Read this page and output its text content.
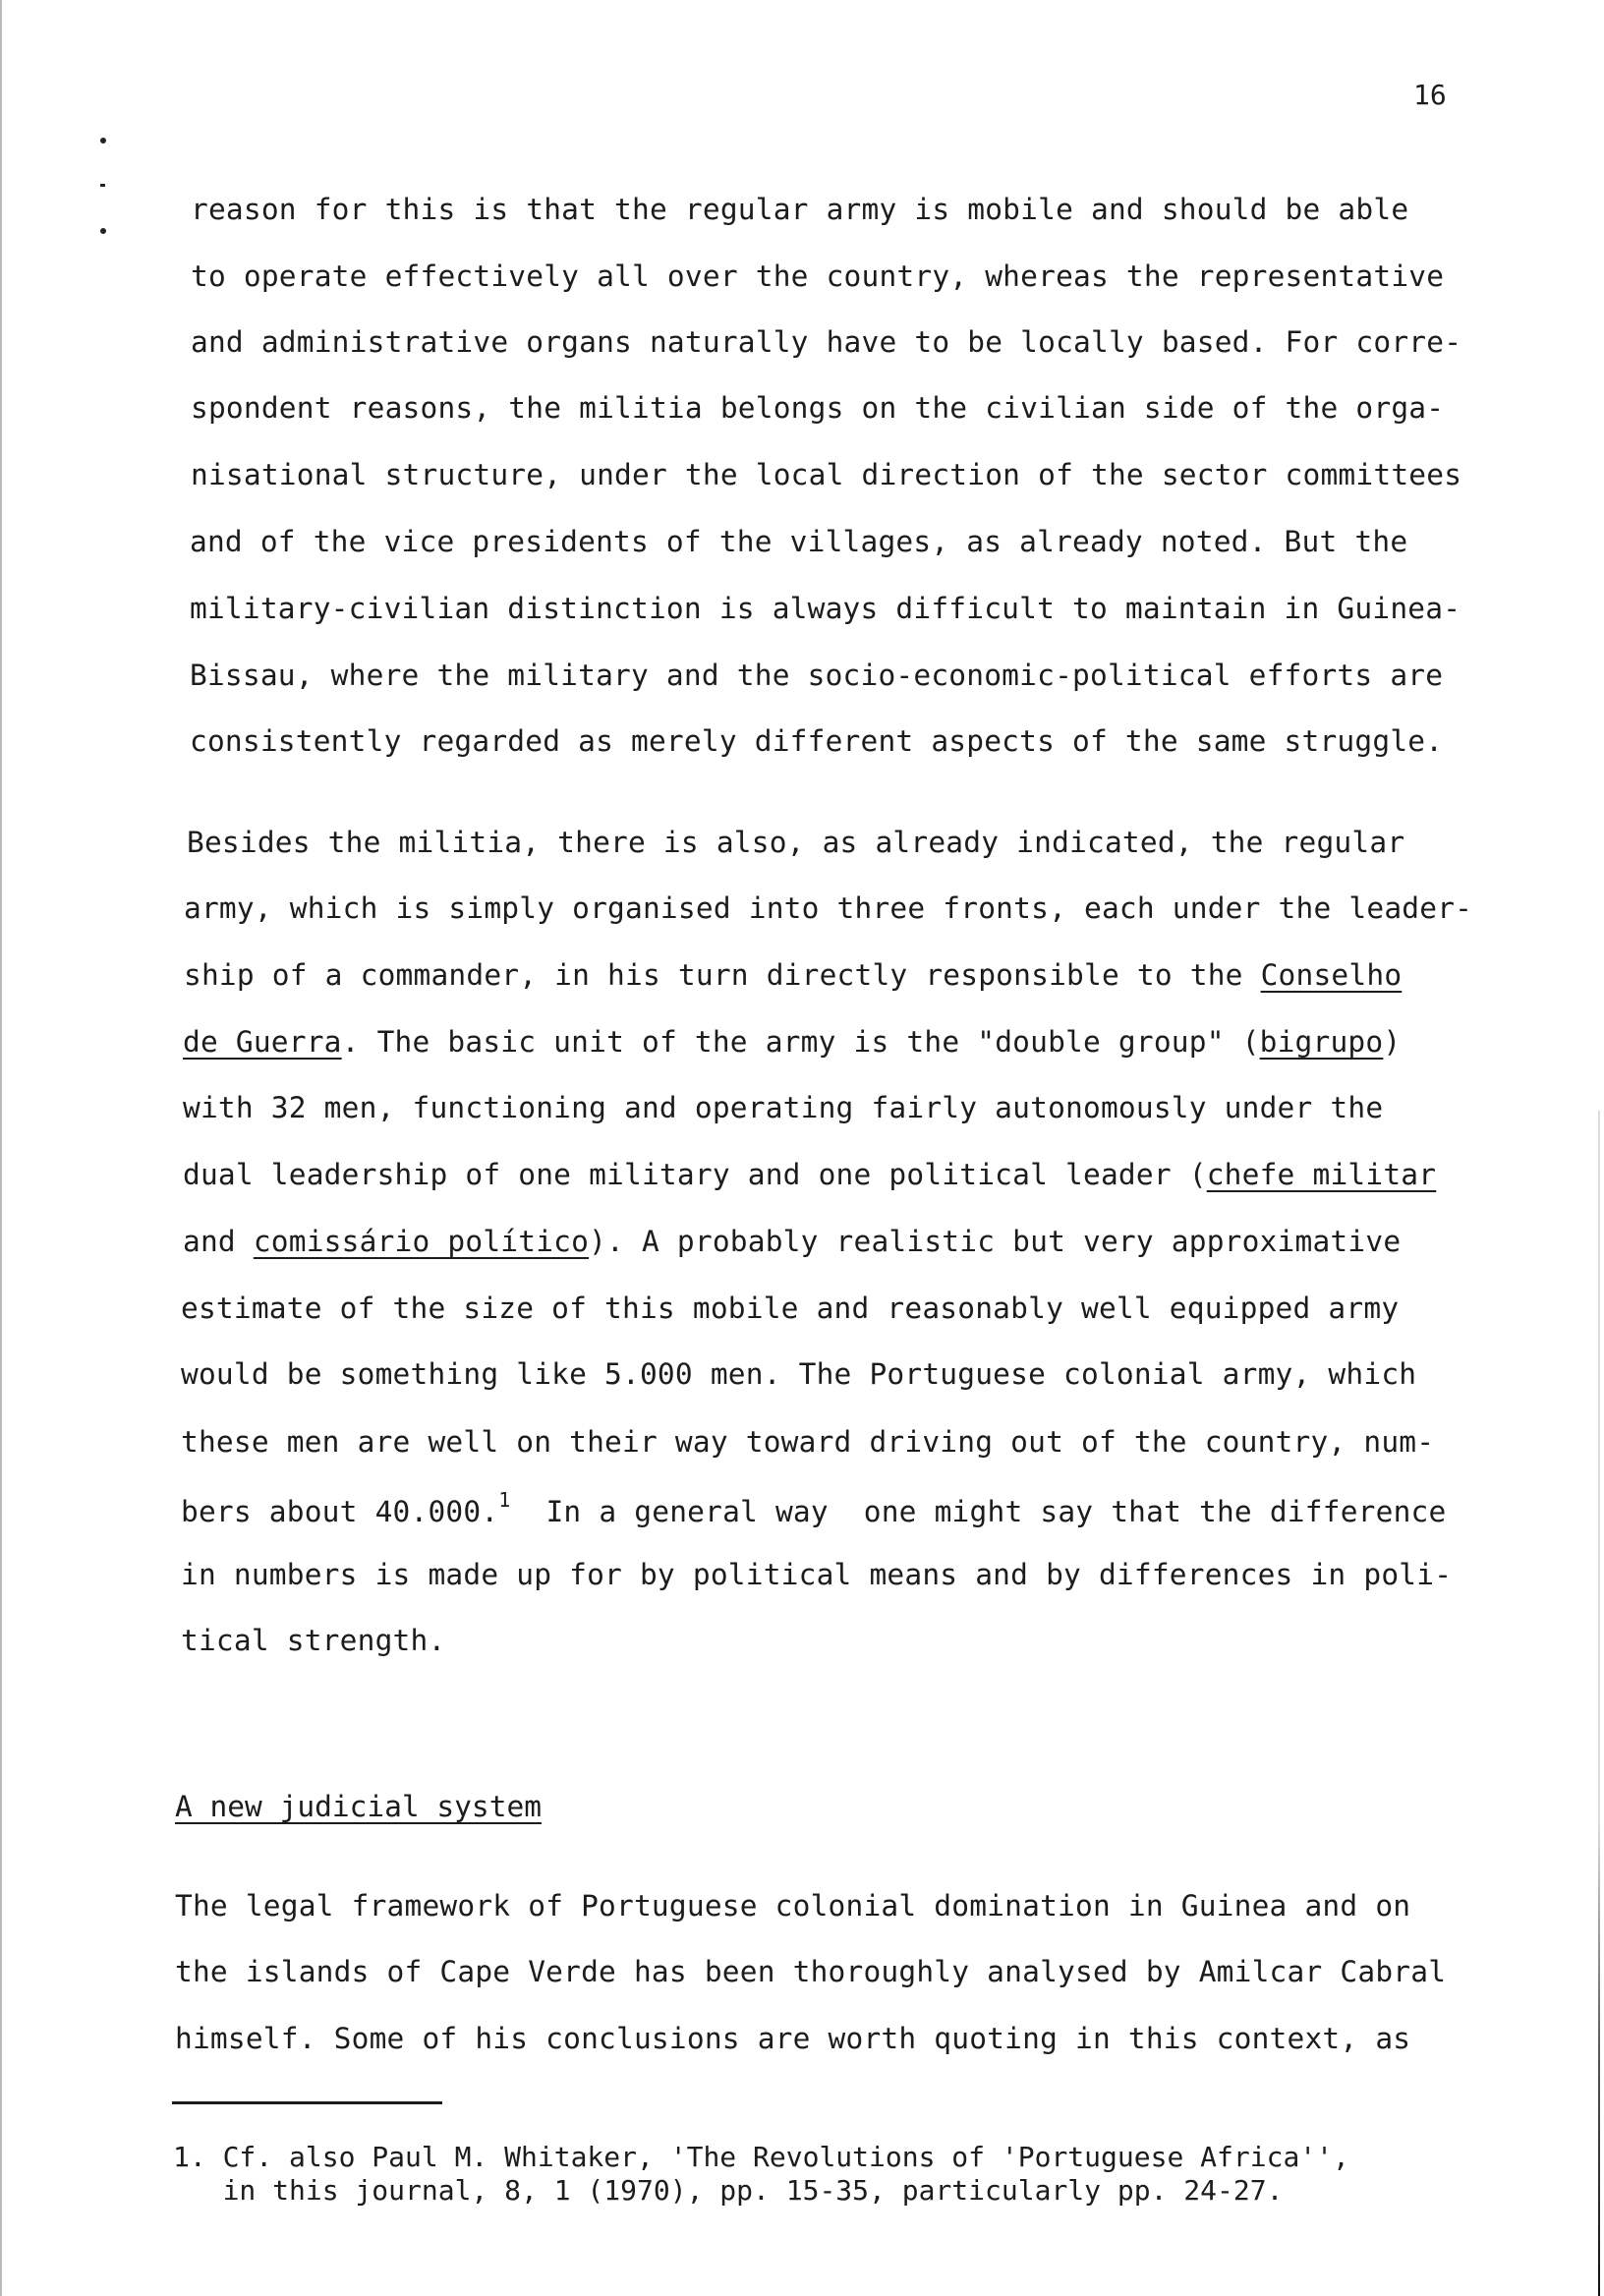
16
reason for this is that the regular army is mobile and should be able
to operate effectively all over the country, whereas the representative
and administrative organs naturally have to be locally based. For corre-
spondent reasons, the militia belongs on the civilian side of the orga-
nisational structure, under the local direction of the sector committees
and of the vice presidents of the villages, as already noted. But the
military-civilian distinction is always difficult to maintain in Guinea-
Bissau, where the military and the socio-economic-political efforts are
consistently regarded as merely different aspects of the same struggle.
Besides the militia, there is also, as already indicated, the regular
army, which is simply organised into three fronts, each under the leader-
ship of a commander, in his turn directly responsible to the Conselho
de Guerra. The basic unit of the army is the "double group" (bigrupo)
with 32 men, functioning and operating fairly autonomously under the
dual leadership of one military and one political leader (chefe militar
and comissário político). A probably realistic but very approximative
estimate of the size of this mobile and reasonably well equipped army
would be something like 5.000 men. The Portuguese colonial army, which
these men are well on their way toward driving out of the country, num-
bers about 40.000.$^1$  In a general way  one might say that the difference
in numbers is made up for by political means and by differences in poli-
tical strength.
A new judicial system
The legal framework of Portuguese colonial domination in Guinea and on
the islands of Cape Verde has been thoroughly analysed by Amilcar Cabral
himself. Some of his conclusions are worth quoting in this context, as
1. Cf. also Paul M. Whitaker, 'The Revolutions of 'Portuguese Africa'',
in this journal, 8, 1 (1970), pp. 15-35, particularly pp. 24-27.
